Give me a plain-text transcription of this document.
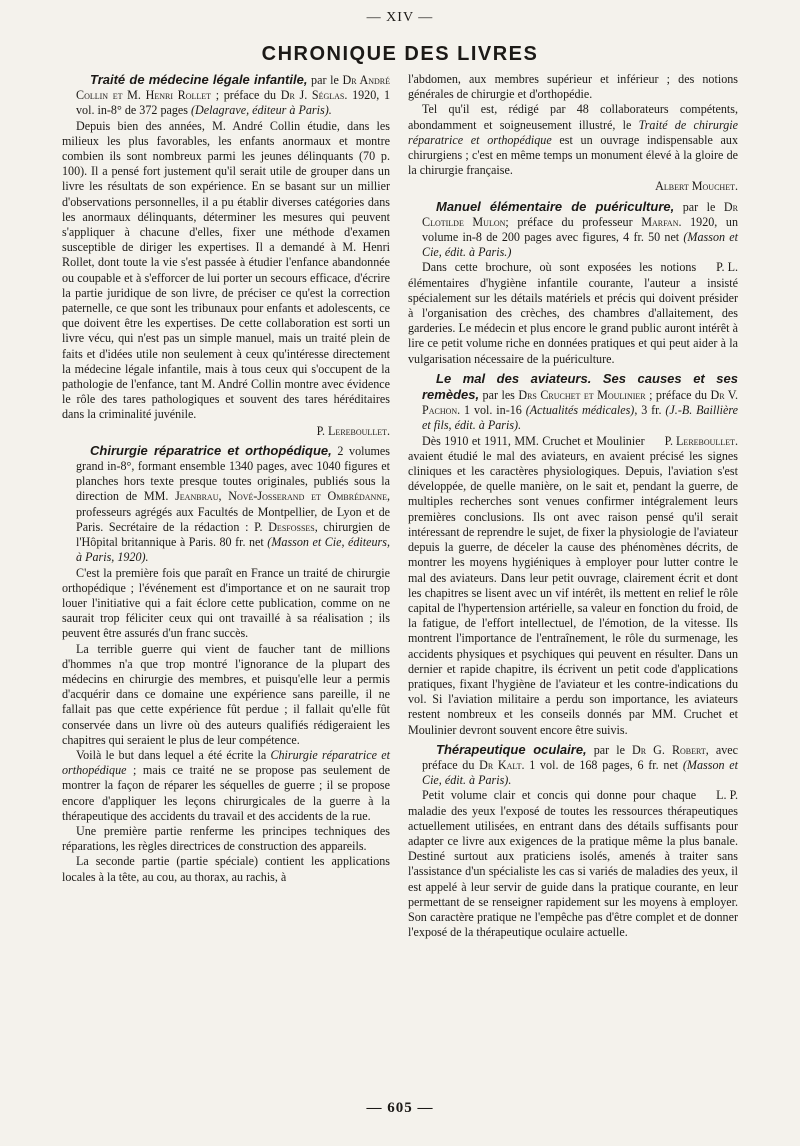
— XIV —
CHRONIQUE DES LIVRES

Traité de médecine légale infantile, par le Dr André Collin et M. Henri Rollet ; préface du Dr J. Séglas. 1920, 1 vol. in-8° de 372 pages (Delagrave, éditeur à Paris).

Depuis bien des années, M. André Collin étudie, dans les milieux les plus favorables, les enfants anormaux et montre combien ils sont nombreux parmi les jeunes délinquants (70 p. 100). Il a pensé fort justement qu'il serait utile de grouper dans un livre les résultats de son expérience. En se basant sur un millier d'observations personnelles, il a pu établir diverses catégories dans les anormaux délinquants, déterminer les mesures qui peuvent s'appliquer à chacune d'elles, fixer une méthode d'examen susceptible de diriger les expertises. Il a demandé à M. Henri Rollet, dont toute la vie s'est passée à étudier l'enfance abandonnée ou coupable et à s'efforcer de lui porter un secours efficace, d'écrire la partie juridique de son livre, de préciser ce qu'est la correction paternelle, ce que sont les tribunaux pour enfants et adolescents, ce que doivent être les expertises. De cette collaboration est sorti un livre vécu, qui n'est pas un simple manuel, mais un traité plein de faits et d'idées utile non seulement à ceux qu'intéresse directement la médecine légale infantile, mais à tous ceux qui s'occupent de la pathologie de l'enfance, tant M. André Collin montre avec évidence le rôle des tares pathologiques et souvent des tares héréditaires dans la criminalité juvénile.

P. Lereboullet.

Chirurgie réparatrice et orthopédique, 2 volumes grand in-8°, formant ensemble 1340 pages, avec 1040 figures et planches hors texte presque toutes originales, publiés sous la direction de MM. Jeanbrau, Nové-Josserand et Ombrédanne, professeurs agrégés aux Facultés de Montpellier, de Lyon et de Paris. Secrétaire de la rédaction : P. Desfosses, chirurgien de l'Hôpital britannique à Paris. 80 fr. net (Masson et Cie, éditeurs, à Paris, 1920).

C'est la première fois que paraît en France un traité de chirurgie orthopédique ; l'événement est d'importance et on ne saurait trop louer l'initiative qui a fait éclore cette publication, comme on ne saurait trop féliciter ceux qui ont travaillé à sa réalisation ; ils peuvent être assurés d'un franc succès.

La terrible guerre qui vient de faucher tant de millions d'hommes n'a que trop montré l'ignorance de la plupart des médecins en chirurgie des membres, et puisqu'elle leur a permis d'acquérir dans ce domaine une expérience sans pareille, il ne fallait pas que cette expérience fût perdue ; il fallait qu'elle fût conservée dans un livre où des auteurs qualifiés rédigeraient les chapitres qui seraient le plus de leur compétence.

Voilà le but dans lequel a été écrite la Chirurgie réparatrice et orthopédique ; mais ce traité ne se propose pas seulement de montrer la façon de réparer les séquelles de guerre ; il se propose encore d'appliquer les leçons chirurgicales de la guerre à la thérapeutique des accidents du travail et des accidents de la rue.

Une première partie renferme les principes techniques des réparations, les règles directrices de construction des appareils.

La seconde partie (partie spéciale) contient les applications locales à la tête, au cou, au thorax, au rachis, à

l'abdomen, aux membres supérieur et inférieur ; des notions générales de chirurgie et d'orthopédie.

Tel qu'il est, rédigé par 48 collaborateurs compétents, abondamment et soigneusement illustré, le Traité de chirurgie réparatrice et orthopédique est un ouvrage indispensable aux chirurgiens ; c'est en même temps un monument élevé à la gloire de la chirurgie française.

Albert Mouchet.

Manuel élémentaire de puériculture, par le Dr Clotilde Mulon; préface du professeur Marfan. 1920, un volume in-8 de 200 pages avec figures, 4 fr. 50 net (Masson et Cie, édit. à Paris.)

P. L.
Dans cette brochure, où sont exposées les notions élémentaires d'hygiène infantile courante, l'auteur a insisté spécialement sur les détails matériels et précis qui doivent présider à l'organisation des crèches, des chambres d'allaitement, des garderies. Le médecin et plus encore le grand public auront intérêt à lire ce petit volume riche en données pratiques et qui peut aider à la vulgarisation nécessaire de la puériculture.

Le mal des aviateurs. Ses causes et ses remèdes, par les Drs Cruchet et Moulinier ; préface du Dr V. Pachon. 1 vol. in-16 (Actualités médicales), 3 fr. (J.-B. Baillière et fils, édit. à Paris).

P. Lereboullet.
Dès 1910 et 1911, MM. Cruchet et Moulinier avaient étudié le mal des aviateurs, en avaient précisé les signes cliniques et les caractères physiologiques. Depuis, l'aviation s'est développée, de quelle manière, on le sait et, pendant la guerre, de multiples recherches sont venues confirmer intégralement leurs premières conclusions. Ils ont avec raison pensé qu'il serait intéressant de reprendre le sujet, de fixer la physiologie de l'aviateur depuis la guerre, de déceler la cause des phénomènes décrits, de montrer les moyens hygiéniques à employer pour lutter contre le mal des aviateurs. Dans leur petit ouvrage, clairement écrit et dont les chapitres se lisent avec un vif intérêt, ils mettent en relief le rôle capital de l'hypertension artérielle, sa valeur en fonction du froid, de la fatigue, de l'effort intellectuel, de l'émotion, de la vitesse. Ils montrent l'importance de l'entraînement, le rôle du surmenage, les accidents physiques et psychiques qui peuvent en résulter. Dans un dernier et rapide chapitre, ils écrivent un petit code d'applications pratiques, fixant l'hygiène de l'aviateur et les contre-indications du vol. Si l'aviation militaire a perdu son importance, les aviateurs restent nombreux et les conseils donnés par MM. Cruchet et Moulinier devront souvent encore être suivis.

Thérapeutique oculaire, par le Dr G. Robert, avec préface du Dr Kalt. 1 vol. de 168 pages, 6 fr. net (Masson et Cie, édit. à Paris).

L. P.
Petit volume clair et concis qui donne pour chaque maladie des yeux l'exposé de toutes les ressources thérapeutiques actuellement utilisées, en entrant dans des détails suffisants pour adapter ce livre aux exigences de la pratique même la plus banale. Destiné surtout aux praticiens isolés, amenés à traiter sans l'assistance d'un spécialiste les cas si variés de maladies des yeux, il est appelé à leur servir de guide dans la pratique courante, en leur permettant de se renseigner rapidement sur les moyens à employer. Son caractère pratique ne l'empêche pas d'être complet et de donner l'exposé de la thérapeutique oculaire actuelle.

— 605 —
